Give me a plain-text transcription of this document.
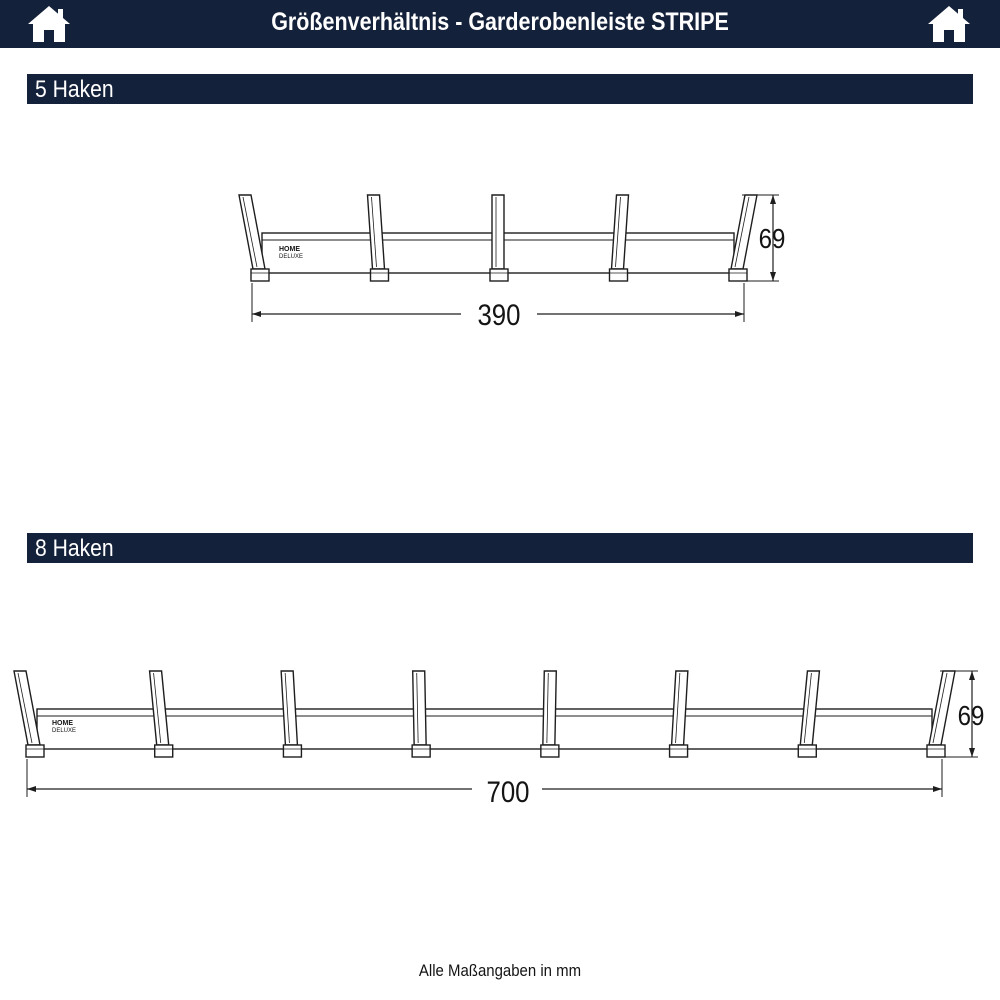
Größenverhältnis - Garderobenleiste STRIPE
5 Haken
8 Haken
69
390
69
700
HOME
DELUXE
HOME
DELUXE
Alle Maßangaben in mm
